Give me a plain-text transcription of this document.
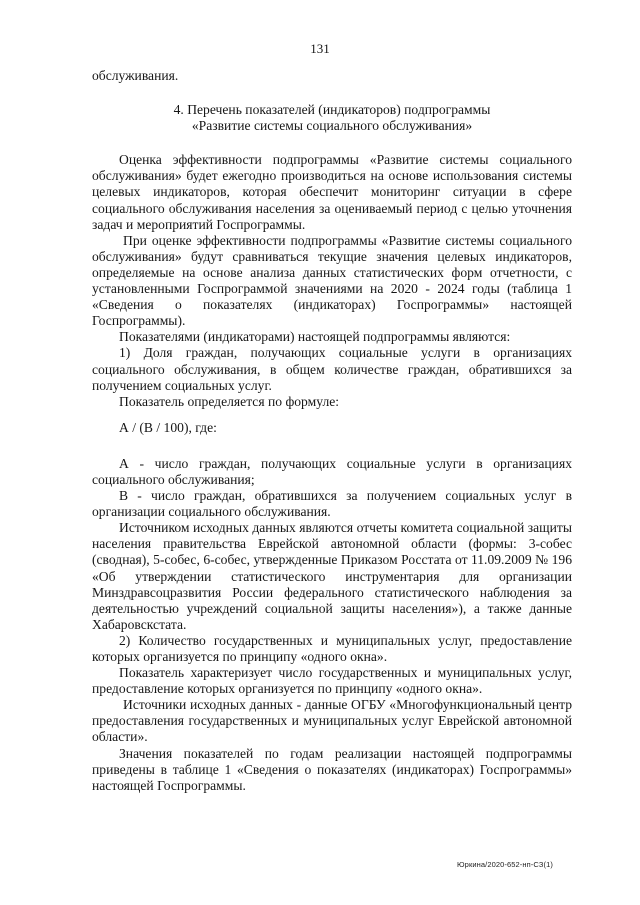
131

обслуживания.

4. Перечень показателей (индикаторов) подпрограммы
«Развитие системы социального обслуживания»

Оценка эффективности подпрограммы «Развитие системы социального обслуживания» будет ежегодно производиться на основе использования системы целевых индикаторов, которая обеспечит мониторинг ситуации в сфере социального обслуживания населения за оцениваемый период с целью уточнения задач и мероприятий Госпрограммы.

При оценке эффективности подпрограммы «Развитие системы социального обслуживания» будут сравниваться текущие значения целевых индикаторов, определяемые на основе анализа данных статистических форм отчетности, с установленными Госпрограммой значениями на 2020 - 2024 годы (таблица 1 «Сведения о показателях (индикаторах) Госпрограммы» настоящей Госпрограммы).

Показателями (индикаторами) настоящей подпрограммы являются:

1) Доля граждан, получающих социальные услуги в организациях социального обслуживания, в общем количестве граждан, обратившихся за получением социальных услуг.

Показатель определяется по формуле:

А / (В / 100), где:

А - число граждан, получающих социальные услуги в организациях социального обслуживания;

В - число граждан, обратившихся за получением социальных услуг в организации социального обслуживания.

Источником исходных данных являются отчеты комитета социальной защиты населения правительства Еврейской автономной области (формы: 3-собес (сводная), 5-собес, 6-собес, утвержденные Приказом Росстата от 11.09.2009 № 196 «Об утверждении статистического инструментария для организации Минздравсоцразвития России федерального статистического наблюдения за деятельностью учреждений социальной защиты населения»), а также данные Хабаровскстата.

2) Количество государственных и муниципальных услуг, предоставление которых организуется по принципу «одного окна».

Показатель характеризует число государственных и муниципальных услуг, предоставление которых организуется по принципу «одного окна».

Источники исходных данных - данные ОГБУ «Многофункциональный центр предоставления государственных и муниципальных услуг Еврейской автономной области».

Значения показателей по годам реализации настоящей подпрограммы приведены в таблице 1 «Сведения о показателях (индикаторах) Госпрограммы» настоящей Госпрограммы.

Юркина/2020-652-нп-СЗ(1)
